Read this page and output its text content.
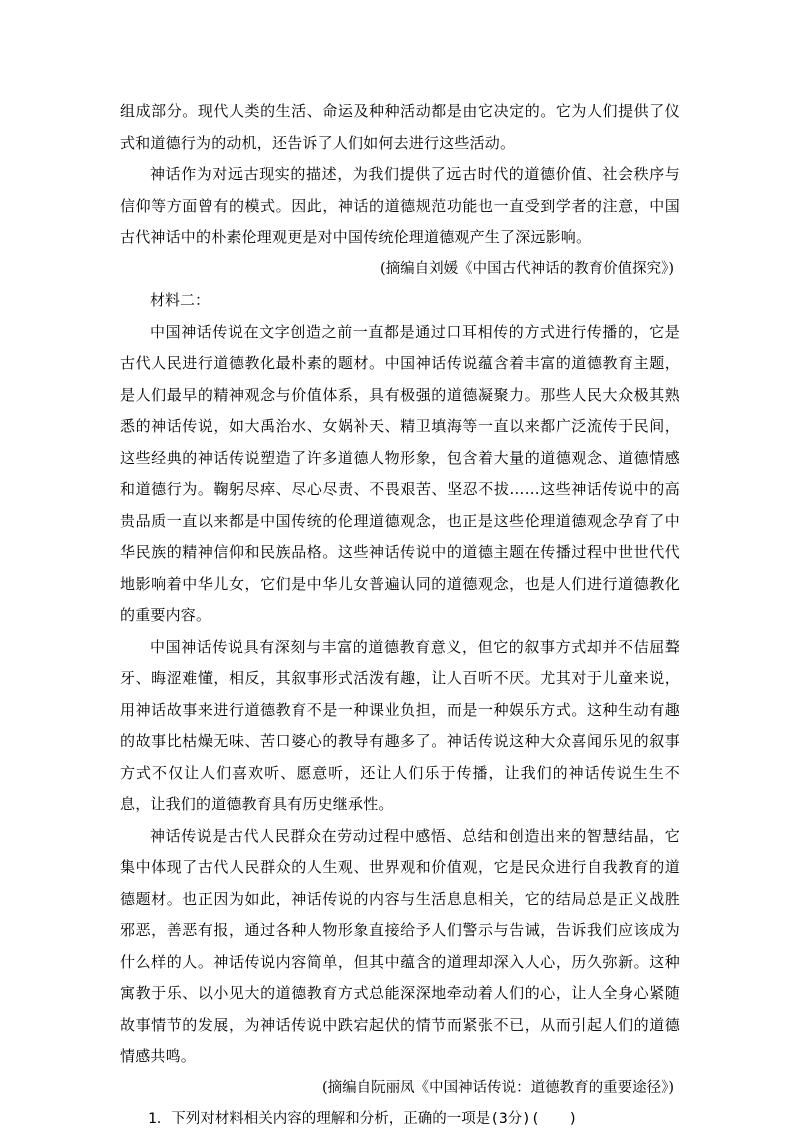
组成部分。现代人类的生活、命运及种种活动都是由它决定的。它为人们提供了仪式和道德行为的动机，还告诉了人们如何去进行这些活动。

神话作为对远古现实的描述，为我们提供了远古时代的道德价值、社会秩序与信仰等方面曾有的模式。因此，神话的道德规范功能也一直受到学者的注意，中国古代神话中的朴素伦理观更是对中国传统伦理道德观产生了深远影响。

(摘编自刘媛《中国古代神话的教育价值探究》)

材料二：

中国神话传说在文字创造之前一直都是通过口耳相传的方式进行传播的，它是古代人民进行道德教化最朴素的题材。中国神话传说蕴含着丰富的道德教育主题，是人们最早的精神观念与价值体系，具有极强的道德凝聚力。那些人民大众极其熟悉的神话传说，如大禹治水、女娲补天、精卫填海等一直以来都广泛流传于民间，这些经典的神话传说塑造了许多道德人物形象，包含着大量的道德观念、道德情感和道德行为。鞠躬尽瘁、尽心尽责、不畏艰苦、坚忍不拔……这些神话传说中的高贵品质一直以来都是中国传统的伦理道德观念，也正是这些伦理道德观念孕育了中华民族的精神信仰和民族品格。这些神话传说中的道德主题在传播过程中世世代代地影响着中华儿女，它们是中华儿女普遍认同的道德观念，也是人们进行道德教化的重要内容。

中国神话传说具有深刻与丰富的道德教育意义，但它的叙事方式却并不佶屈聱牙、晦涩难懂，相反，其叙事形式活泼有趣，让人百听不厌。尤其对于儿童来说，用神话故事来进行道德教育不是一种课业负担，而是一种娱乐方式。这种生动有趣的故事比枯燥无味、苦口婆心的教导有趣多了。神话传说这种大众喜闻乐见的叙事方式不仅让人们喜欢听、愿意听，还让人们乐于传播，让我们的神话传说生生不息，让我们的道德教育具有历史继承性。

神话传说是古代人民群众在劳动过程中感悟、总结和创造出来的智慧结晶，它集中体现了古代人民群众的人生观、世界观和价值观，它是民众进行自我教育的道德题材。也正因为如此，神话传说的内容与生活息息相关，它的结局总是正义战胜邪恶，善恶有报，通过各种人物形象直接给予人们警示与告诫，告诉我们应该成为什么样的人。神话传说内容简单，但其中蕴含的道理却深入人心，历久弥新。这种寓教于乐、以小见大的道德教育方式总能深深地牵动着人们的心，让人全身心紧随故事情节的发展，为神话传说中跌宕起伏的情节而紧张不已，从而引起人们的道德情感共鸣。

(摘编自阮丽凤《中国神话传说：道德教育的重要途径》)

1．下列对材料相关内容的理解和分析，正确的一项是(3分)(　　)
